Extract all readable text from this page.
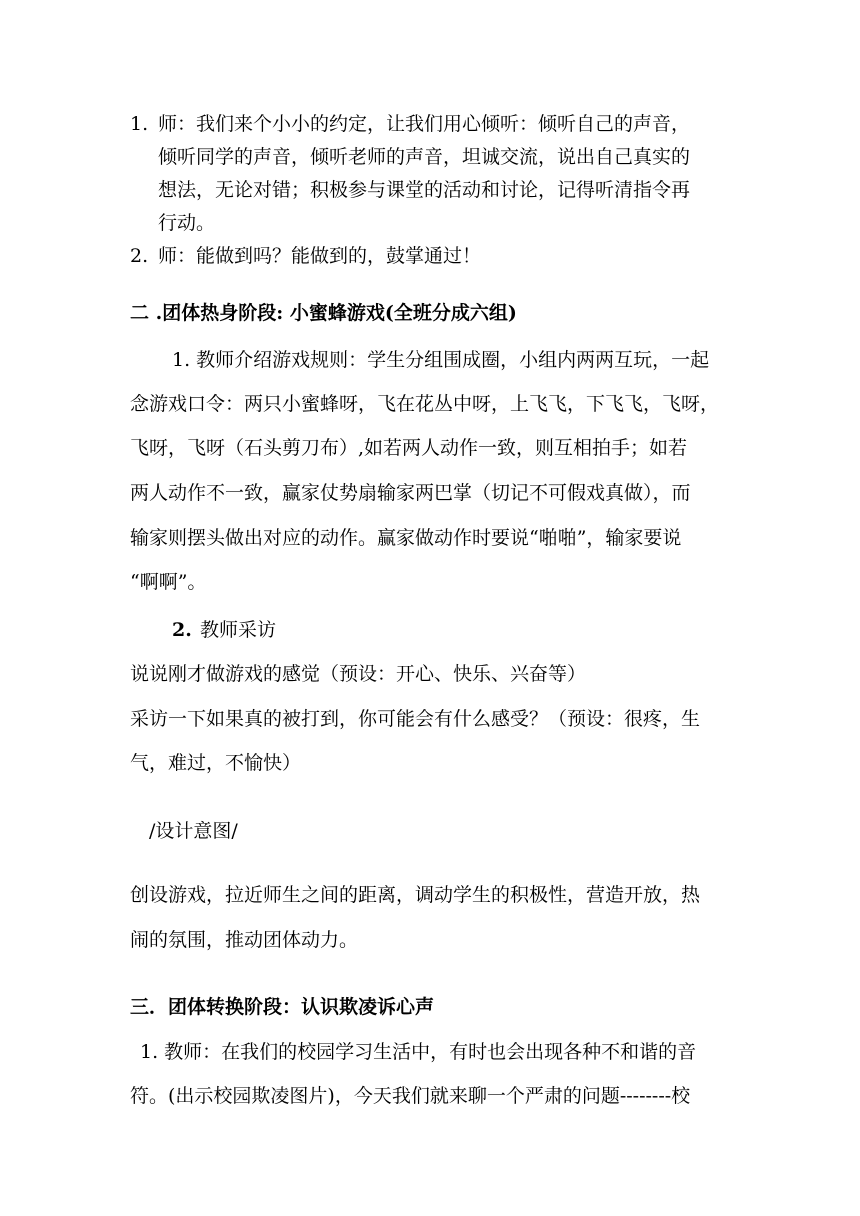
1. 师：我们来个小小的约定，让我们用心倾听：倾听自己的声音，
倾听同学的声音，倾听老师的声音，坦诚交流，说出自己真实的
想法，无论对错；积极参与课堂的活动和讨论，记得听清指令再
行动。
2. 师：能做到吗？能做到的，鼓掌通过！
二 .团体热身阶段: 小蜜蜂游戏(全班分成六组)
1. 教师介绍游戏规则：学生分组围成圈，小组内两两互玩，一起
念游戏口令：两只小蜜蜂呀，飞在花丛中呀，上飞飞，下飞飞，飞呀，
飞呀，飞呀（石头剪刀布）,如若两人动作一致，则互相拍手；如若
两人动作不一致，赢家仗势扇输家两巴掌（切记不可假戏真做），而
输家则摆头做出对应的动作。赢家做动作时要说“啪啪”，输家要说
“啊啊”。
2. 教师采访
说说刚才做游戏的感觉（预设：开心、快乐、兴奋等）
采访一下如果真的被打到，你可能会有什么感受？（预设：很疼，生
气，难过，不愉快）
/设计意图/
创设游戏，拉近师生之间的距离，调动学生的积极性，营造开放，热
闹的氛围，推动团体动力。
三．团体转换阶段：认识欺凌诉心声
1. 教师：在我们的校园学习生活中，有时也会出现各种不和谐的音
符。(出示校园欺凌图片)，今天我们就来聊一个严肃的问题--------校
